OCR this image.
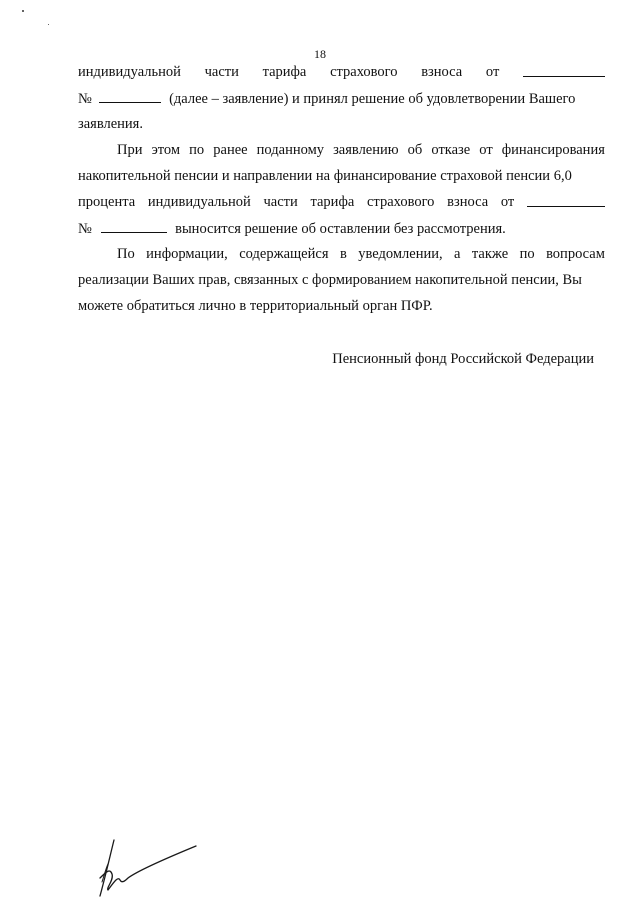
18
индивидуальной части тарифа страхового взноса от
№	(далее – заявление) и принял решение об удовлетворении Вашего
заявления.
При этом по ранее поданному заявлению об отказе от финансирования
накопительной пенсии и направлении на финансирование страховой пенсии 6,0
процента индивидуальной части тарифа страхового взноса от
№	выносится решение об оставлении без рассмотрения.
По информации, содержащейся в уведомлении, а также по вопросам
реализации Ваших прав, связанных с формированием накопительной пенсии, Вы
можете обратиться лично в территориальный орган ПФР.
Пенсионный фонд Российской Федерации
